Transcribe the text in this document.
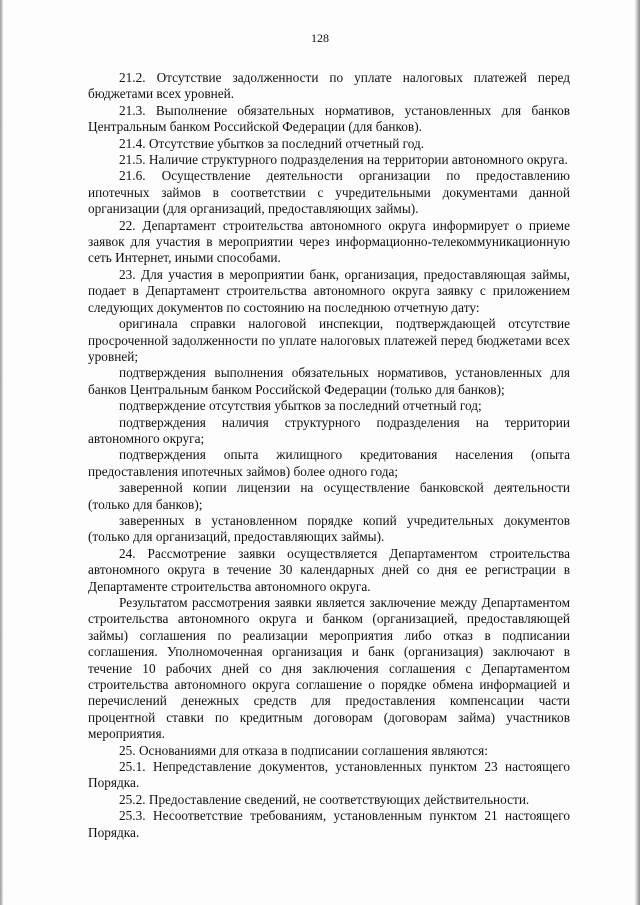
128

21.2. Отсутствие задолженности по уплате налоговых платежей перед бюджетами всех уровней.

21.3. Выполнение обязательных нормативов, установленных для банков Центральным банком Российской Федерации (для банков).

21.4. Отсутствие убытков за последний отчетный год.

21.5. Наличие структурного подразделения на территории автономного округа.

21.6. Осуществление деятельности организации по предоставлению ипотечных займов в соответствии с учредительными документами данной организации (для организаций, предоставляющих займы).

22. Департамент строительства автономного округа информирует о приеме заявок для участия в мероприятии через информационно-телекоммуникационную сеть Интернет, иными способами.

23. Для участия в мероприятии банк, организация, предоставляющая займы, подает в Департамент строительства автономного округа заявку с приложением следующих документов по состоянию на последнюю отчетную дату:

оригинала справки налоговой инспекции, подтверждающей отсутствие просроченной задолженности по уплате налоговых платежей перед бюджетами всех уровней;

подтверждения выполнения обязательных нормативов, установленных для банков Центральным банком Российской Федерации (только для банков);

подтверждение отсутствия убытков за последний отчетный год;

подтверждения наличия структурного подразделения на территории автономного округа;

подтверждения опыта жилищного кредитования населения (опыта предоставления ипотечных займов) более одного года;

заверенной копии лицензии на осуществление банковской деятельности (только для банков);

заверенных в установленном порядке копий учредительных документов (только для организаций, предоставляющих займы).

24. Рассмотрение заявки осуществляется Департаментом строительства автономного округа в течение 30 календарных дней со дня ее регистрации в Департаменте строительства автономного округа.

Результатом рассмотрения заявки является заключение между Департаментом строительства автономного округа и банком (организацией, предоставляющей займы) соглашения по реализации мероприятия либо отказ в подписании соглашения. Уполномоченная организация и банк (организация) заключают в течение 10 рабочих дней со дня заключения соглашения с Департаментом строительства автономного округа соглашение о порядке обмена информацией и перечислений денежных средств для предоставления компенсации части процентной ставки по кредитным договорам (договорам займа) участников мероприятия.

25. Основаниями для отказа в подписании соглашения являются:

25.1. Непредставление документов, установленных пунктом 23 настоящего Порядка.

25.2. Предоставление сведений, не соответствующих действительности.

25.3. Несоответствие требованиям, установленным пунктом 21 настоящего Порядка.
